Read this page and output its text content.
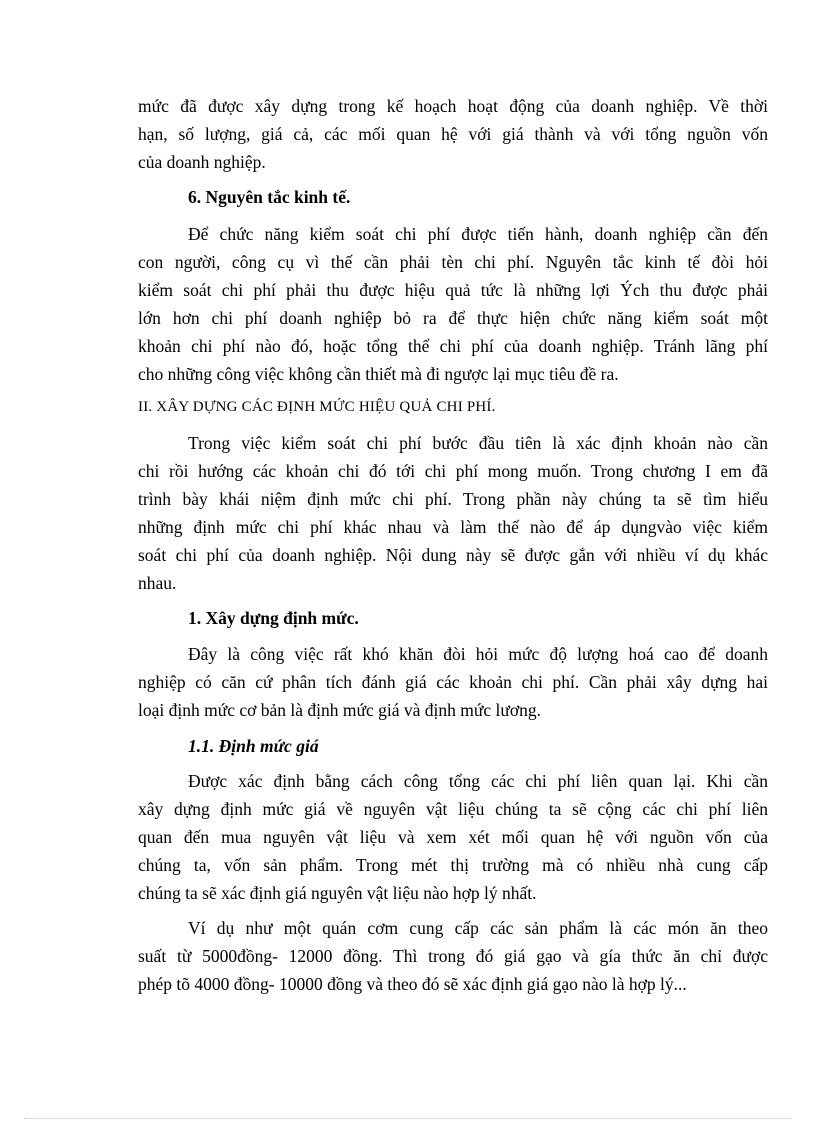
mức đã được xây dựng trong kế hoạch hoạt động của doanh nghiệp. Về thời
hạn, số lượng, giá cả, các mối quan hệ với giá thành và với tổng nguồn vốn
của doanh nghiệp.
6. Nguyên tắc kinh tế.
Để chức năng kiểm soát chi phí được tiến hành, doanh nghiệp cần đến
con người, công cụ vì thế cần phải tèn chi phí. Nguyên tắc kinh tế đòi hỏi
kiểm soát chi phí phải thu được hiệu quả tức là những lợi Ých thu được phải
lớn hơn chi phí doanh nghiệp bỏ ra để thực hiện chức năng kiểm soát một
khoản chi phí nào đó, hoặc tổng thể chi phí của doanh nghiệp. Tránh lãng phí
cho những công việc không cần thiết mà đi ngược lại mục tiêu đề ra.
II. XÂY DỰNG CÁC ĐỊNH MỨC HIỆU QUẢ CHI PHÍ.
Trong việc kiểm soát chi phí bước đầu tiên là xác định khoản nào cần
chi rồi hướng các khoản chi đó tới chi phí mong muốn. Trong chương I em đã
trình bày khái niệm định mức chi phí. Trong phần này chúng ta sẽ tìm hiểu
những định mức chi phí khác nhau và làm thế nào để áp dụngvào việc kiểm
soát chi phí của doanh nghiệp. Nội dung này sẽ được gắn với nhiều ví dụ khác
nhau.
1. Xây dựng định mức.
Đây là công việc rất khó khăn đòi hỏi mức độ lượng hoá cao để doanh
nghiệp có căn cứ phân tích đánh giá các khoản chi phí. Cần phải xây dựng hai
loại định mức cơ bản là định mức giá và định mức lương.
1.1. Định mức giá
Được xác định bằng cách công tổng các chi phí liên quan lại. Khi cần
xây dựng định mức giá về nguyên vật liệu chúng ta sẽ cộng các chi phí liên
quan đến mua nguyên vật liệu và xem xét mối quan hệ với nguồn vốn của
chúng ta, vốn sản phẩm. Trong mét thị trường mà có nhiều nhà cung cấp
chúng ta sẽ xác định giá nguyên vật liệu nào hợp lý nhất.
Ví dụ như một quán cơm cung cấp các sản phẩm là các món ăn theo
suất từ 5000đồng- 12000 đồng. Thì trong đó giá gạo và gía thức ăn chỉ được
phép tõ 4000 đồng- 10000 đồng và theo đó sẽ xác định giá gạo nào là hợp lý...
